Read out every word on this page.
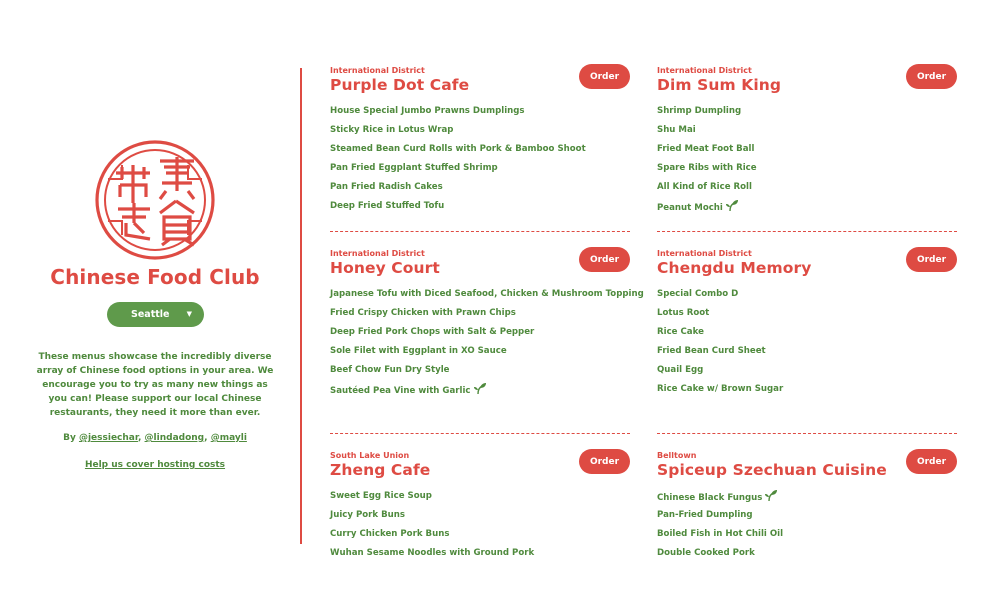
Chinese Food Club
Seattle ▼

These menus showcase the incredibly diverse array of Chinese food options in your area. We encourage you to try as many new things as you can! Please support our local Chinese restaurants, they need it more than ever.

By @jessiechar, @lindadong, @mayli
Help us cover hosting costs
International District
Purple Dot Cafe	Order
House Special Jumbo Prawns Dumplings
Sticky Rice in Lotus Wrap
Steamed Bean Curd Rolls with Pork & Bamboo Shoot
Pan Fried Eggplant Stuffed Shrimp
Pan Fried Radish Cakes
Deep Fried Stuffed Tofu
International District
Dim Sum King	Order
Shrimp Dumpling
Shu Mai
Fried Meat Foot Ball
Spare Ribs with Rice
All Kind of Rice Roll
Peanut Mochi
International District
Honey Court	Order
Japanese Tofu with Diced Seafood, Chicken & Mushroom Topping
Fried Crispy Chicken with Prawn Chips
Deep Fried Pork Chops with Salt & Pepper
Sole Filet with Eggplant in XO Sauce
Beef Chow Fun Dry Style
Sautéed Pea Vine with Garlic
International District
Chengdu Memory	Order
Special Combo D
Lotus Root
Rice Cake
Fried Bean Curd Sheet
Quail Egg
Rice Cake w/ Brown Sugar
South Lake Union
Zheng Cafe	Order
Sweet Egg Rice Soup
Juicy Pork Buns
Curry Chicken Pork Buns
Wuhan Sesame Noodles with Ground Pork
Belltown
Spiceup Szechuan Cuisine	Order
Chinese Black Fungus
Pan-Fried Dumpling
Boiled Fish in Hot Chili Oil
Double Cooked Pork
